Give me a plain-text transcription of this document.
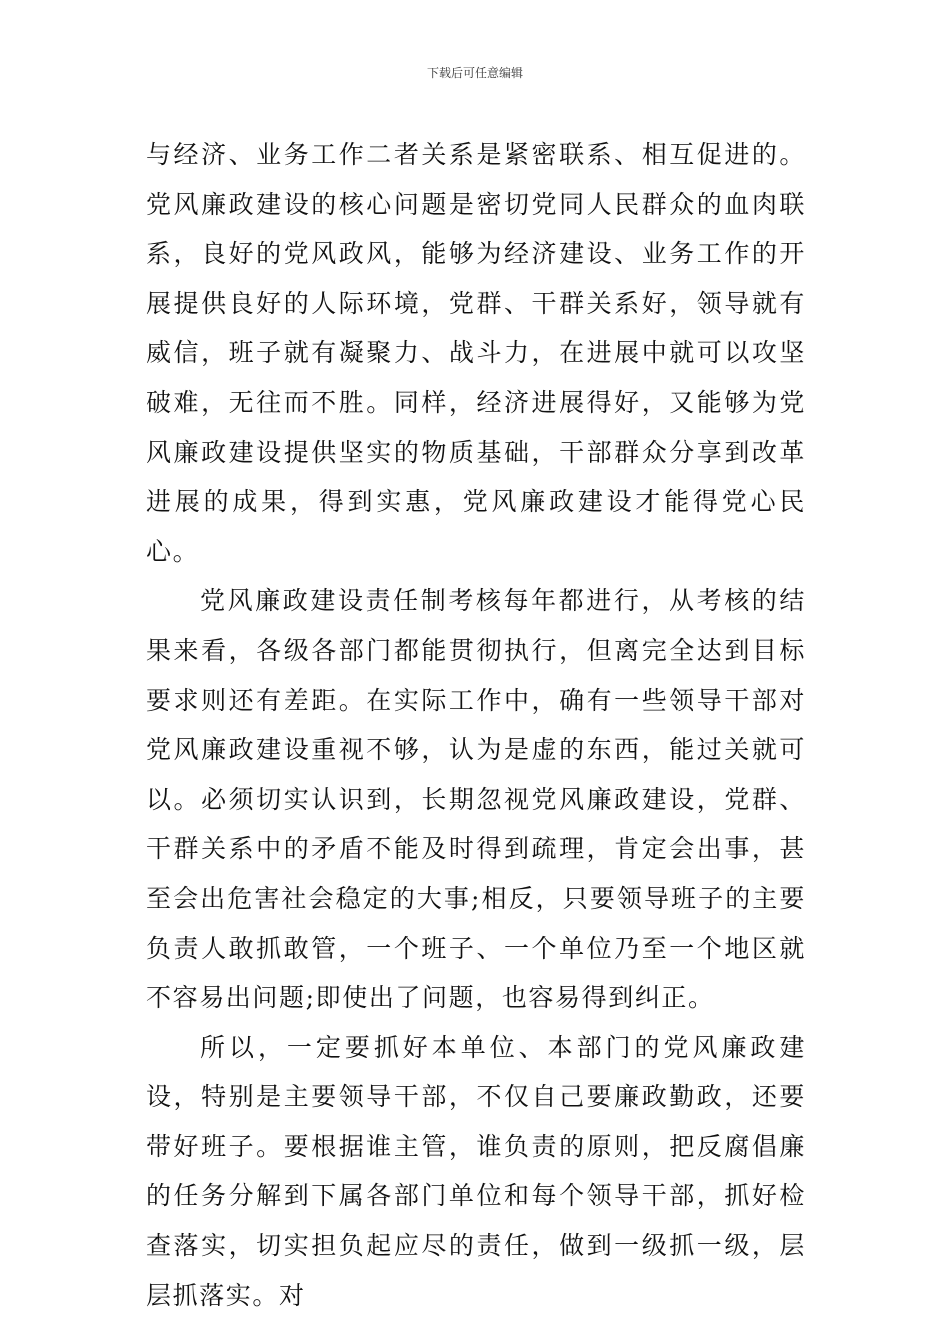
下载后可任意编辑

与经济、业务工作二者关系是紧密联系、相互促进的。党风廉政建设的核心问题是密切党同人民群众的血肉联系，良好的党风政风，能够为经济建设、业务工作的开展提供良好的人际环境，党群、干群关系好，领导就有威信，班子就有凝聚力、战斗力，在进展中就可以攻坚破难，无往而不胜。同样，经济进展得好，又能够为党风廉政建设提供坚实的物质基础，干部群众分享到改革进展的成果，得到实惠，党风廉政建设才能得党心民心。

党风廉政建设责任制考核每年都进行，从考核的结果来看，各级各部门都能贯彻执行，但离完全达到目标要求则还有差距。在实际工作中，确有一些领导干部对党风廉政建设重视不够，认为是虚的东西，能过关就可以。必须切实认识到，长期忽视党风廉政建设，党群、干群关系中的矛盾不能及时得到疏理，肯定会出事，甚至会出危害社会稳定的大事;相反，只要领导班子的主要负责人敢抓敢管，一个班子、一个单位乃至一个地区就不容易出问题;即使出了问题，也容易得到纠正。

所以，一定要抓好本单位、本部门的党风廉政建设，特别是主要领导干部，不仅自己要廉政勤政，还要带好班子。要根据谁主管，谁负责的原则，把反腐倡廉的任务分解到下属各部门单位和每个领导干部，抓好检查落实，切实担负起应尽的责任，做到一级抓一级，层层抓落实。对
